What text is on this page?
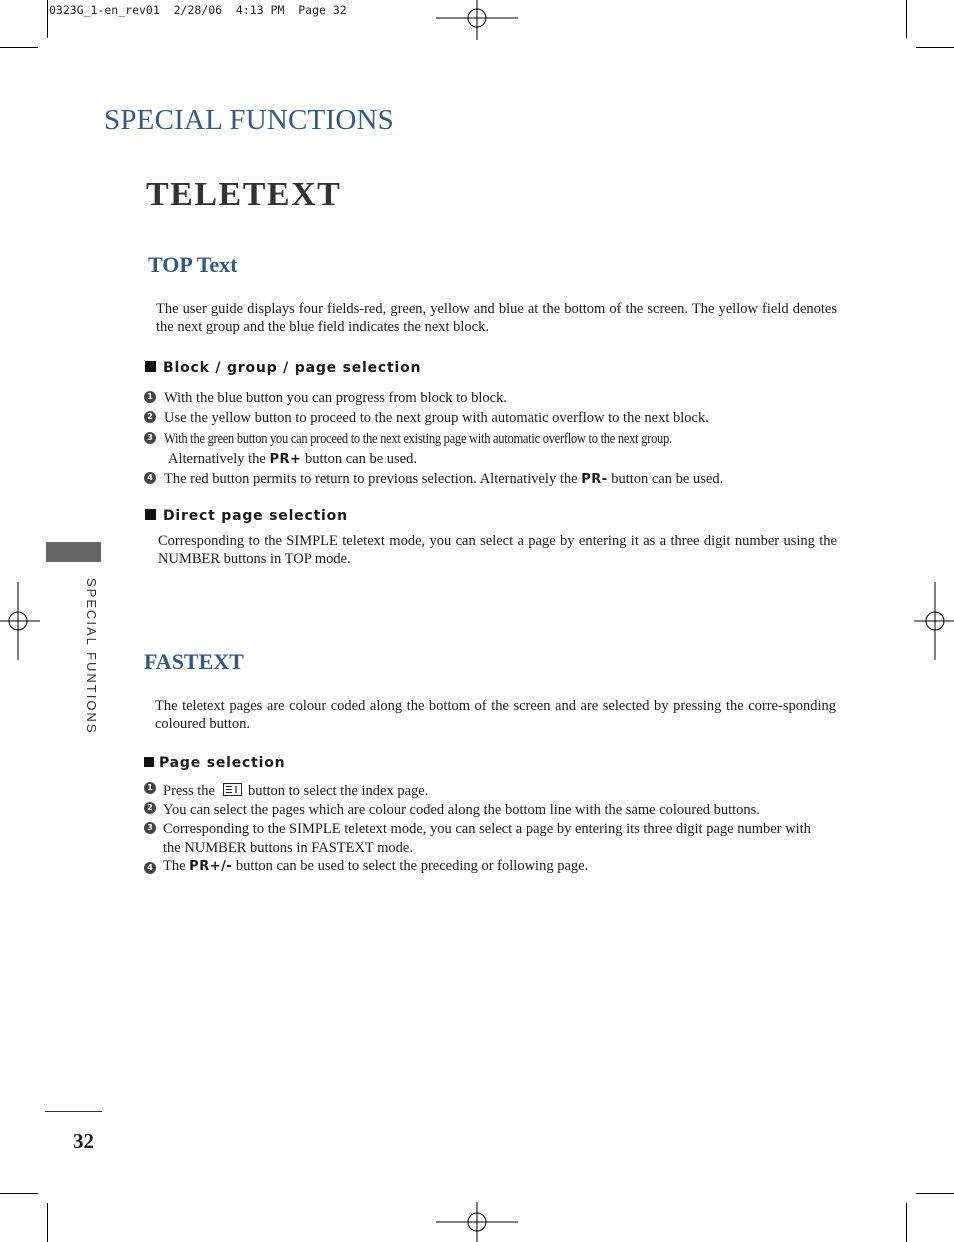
0323G_1-en_rev01  2/28/06  4:13 PM  Page 32
SPECIAL FUNCTIONS
TELETEXT
SPECIAL FUNTIONS
TOP Text
The user guide displays four fields-red, green, yellow and blue at the bottom of the screen. The yellow field denotes the next group and the blue field indicates the next block.
Block / group / page selection
1 With the blue button you can progress from block to block.
2 Use the yellow button to proceed to the next group with automatic overflow to the next block.
3 With the green button you can proceed to the next existing page with automatic overflow to the next group.
Alternatively the PR+ button can be used.
4 The red button permits to return to previous selection. Alternatively the PR- button can be used.
Direct page selection
Corresponding to the SIMPLE teletext mode, you can select a page by entering it as a three digit number using the NUMBER buttons in TOP mode.
FASTEXT
The teletext pages are colour coded along the bottom of the screen and are selected by pressing the corre-sponding coloured button.
Page selection
1 Press the button to select the index page.
2 You can select the pages which are colour coded along the bottom line with the same coloured buttons.
3 Corresponding to the SIMPLE teletext mode, you can select a page by entering its three digit page number with
the NUMBER buttons in FASTEXT mode.
4 The PR+/- button can be used to select the preceding or following page.
32
